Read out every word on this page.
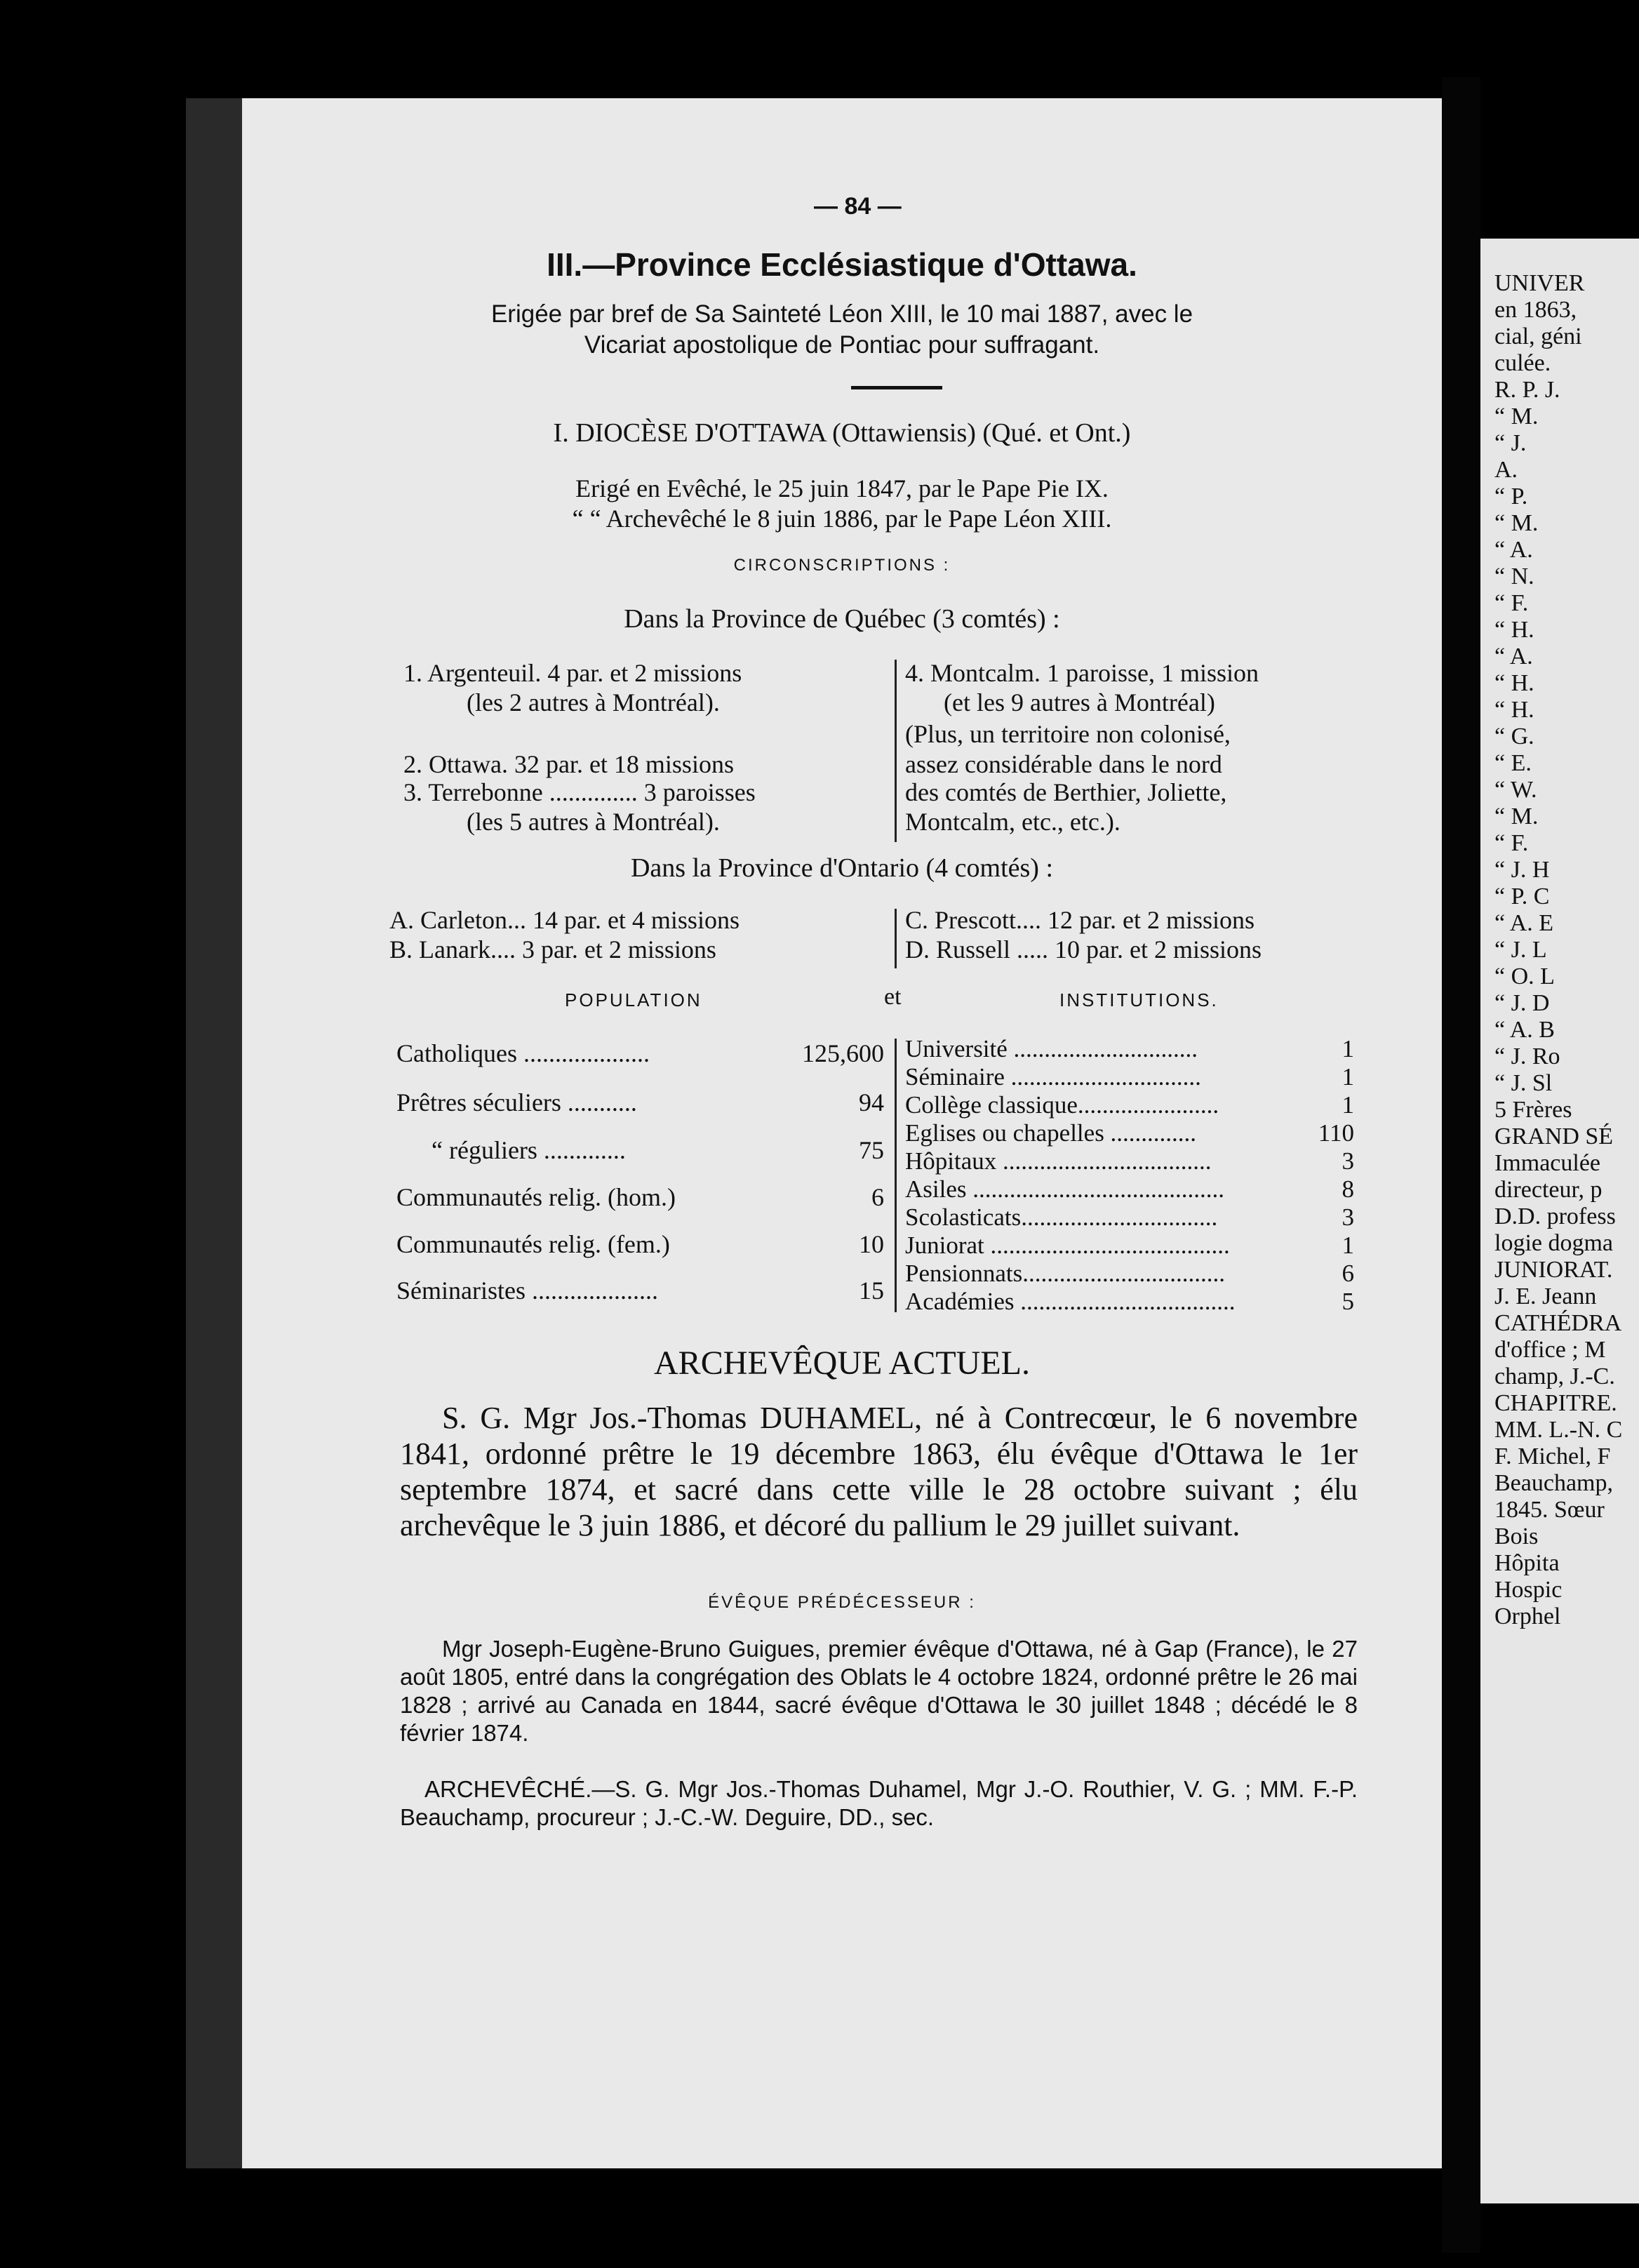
— 84 —
III.—Province Ecclésiastique d'Ottawa.
Erigée par bref de Sa Sainteté Léon XIII, le 10 mai 1887, avec le
Vicariat apostolique de Pontiac pour suffragant.
I. DIOCÈSE D'OTTAWA (Ottawiensis) (Qué. et Ont.)
Erigé en Evêché, le 25 juin 1847, par le Pape Pie IX.
“ “ Archevêché le 8 juin 1886, par le Pape Léon XIII.
CIRCONSCRIPTIONS :
Dans la Province de Québec (3 comtés) :
1. Argenteuil. 4 par. et 2 missions
(les 2 autres à Montréal).
2. Ottawa. 32 par. et 18 missions
3. Terrebonne .............. 3 paroisses
(les 5 autres à Montréal).
4. Montcalm. 1 paroisse, 1 mission
(et les 9 autres à Montréal)
(Plus, un territoire non colonisé,
assez considérable dans le nord
des comtés de Berthier, Joliette,
Montcalm, etc., etc.).
Dans la Province d'Ontario (4 comtés) :
A. Carleton... 14 par. et 4 missions
B. Lanark.... 3 par. et 2 missions
C. Prescott.... 12 par. et 2 missions
D. Russell ..... 10 par. et 2 missions
POPULATION	et	INSTITUTIONS.
Catholiques ....................	125,600
Prêtres séculiers ...........	94
“ réguliers .............	75
Communautés relig. (hom.)	6
Communautés relig. (fem.)	10
Séminaristes ....................	15
Université ..............................	1
Séminaire ...............................	1
Collège classique.......................	1
Eglises ou chapelles ..............	110
Hôpitaux ..................................	3
Asiles .........................................	8
Scolasticats................................	3
Juniorat .......................................	1
Pensionnats.................................	6
Académies ...................................	5
ARCHEVÊQUE ACTUEL.
S. G. Mgr Jos.-Thomas DUHAMEL, né à Contrecœur, le 6 novembre 1841, ordonné prêtre le 19 décembre 1863, élu évêque d'Ottawa le 1er septembre 1874, et sacré dans cette ville le 28 octobre suivant ; élu archevêque le 3 juin 1886, et décoré du pallium le 29 juillet suivant.
ÉVÊQUE PRÉDÉCESSEUR :
Mgr Joseph-Eugène-Bruno Guigues, premier évêque d'Ottawa, né à Gap (France), le 27 août 1805, entré dans la congrégation des Oblats le 4 octobre 1824, ordonné prêtre le 26 mai 1828 ; arrivé au Canada en 1844, sacré évêque d'Ottawa le 30 juillet 1848 ; décédé le 8 février 1874.
ARCHEVÊCHÉ.—S. G. Mgr Jos.-Thomas Duhamel, Mgr J.-O. Routhier, V. G. ; MM. F.-P. Beauchamp, procureur ; J.-C.-W. Deguire, DD., sec.
UNIVER
en 1863,
cial, géni
culée.
R. P. J.
“ M.
“ J.
A.
“ P.
“ M.
“ A.
“ N.
“ F.
“ H.
“ A.
“ H.
“ H.
“ G.
“ E.
“ W.
“ M.
“ F.
“ J. H
“ P. C
“ A. E
“ J. L
“ O. L
“ J. D
“ A. B
“ J. Ro
“ J. Sl
5 Frères
GRAND SÉ
Immaculée
directeur, p
D.D. profess
logie dogma
JUNIORAT.
J. E. Jeann
CATHÉDRA
d'office ; M
champ, J.-C.
CHAPITRE.
MM. L.-N. C
F. Michel, F
Beauchamp,
1845. Sœur
Bois
Hôpita
Hospic
Orphel
